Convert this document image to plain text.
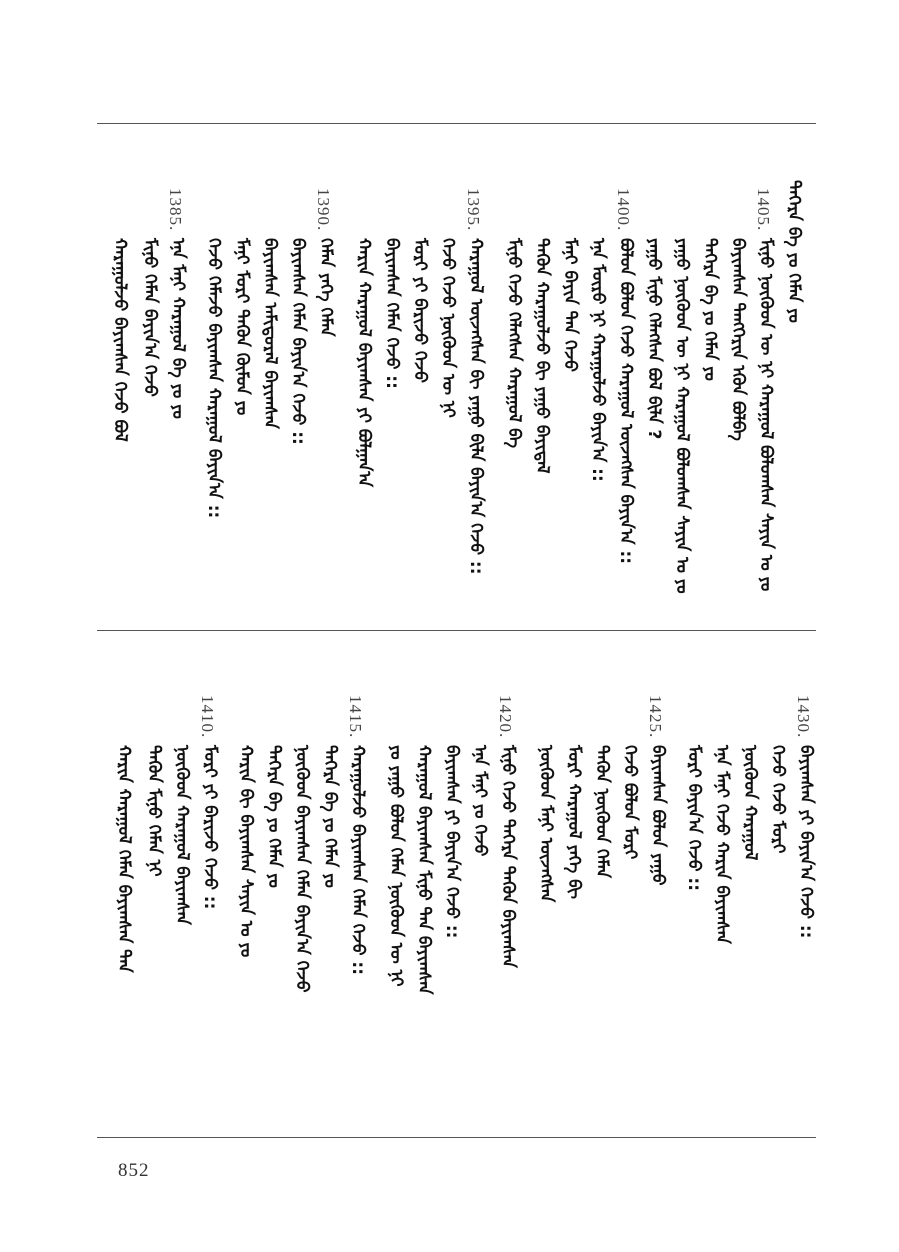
ᠳᠡᠭᠡᠷᠡ ᠪᠡ ᠶᠤ ᠬᠡᠮᠡᠨ ᠶᠤ
1405.
ᠮᠢᠨᠦ ᠨᠦᠭᠦᠳ ᠦ ᠨᠢ ᠬᠠᠷᠠᠭᠤᠯ ᠪᠣᠯᠤᠭᠰᠠᠨ ᠰᠠᠶᠢᠨ ᠤ ᠶᠤ
ᠪᠠᠶᠢᠭᠰᠠᠨ ᠲᠡᠩᠭᠡᠷᠢᠨ ᠡᠭᠦᠨ ᠪᠣᠯᠪᠠ
ᠳᠡᠭᠡᠷᠡ ᠪᠡ ᠶᠤ ᠬᠡᠮᠡᠨ ᠶᠤ
ᠶᠠᠭᠤ ᠨᠦᠭᠦᠳ ᠦ ᠨᠢ ᠬᠠᠷᠠᠭᠤᠯ ᠪᠣᠯᠤᠭᠰᠠᠨ ᠰᠠᠶᠢᠨ ᠤ ᠶᠤ
ᠶᠠᠭᠤ ᠮᠢᠨᠦ ᠬᠡᠯᠡᠭᠰᠡᠨ ᠪᠤᠯ ᠪᠢᠯᠡ ?
1400.
ᠪᠣᠯᠤᠨ ᠪᠣᠯᠤᠨ ᠭᠡᠵᠦ ᠬᠠᠷᠠᠭᠤᠯ ᠦᠵᠡᠭᠰᠡᠨ ᠪᠠᠶᠢᠨ᠎ᠠ ::
ᠡᠨᠡ ᠮᠦᠷᠦ ᠨᠢ ᠬᠠᠷᠠᠭᠤᠯᠵᠤ ᠪᠠᠶᠢᠨ᠎ᠠ ::
ᠮᠠᠨᠢ ᠪᠠᠶᠢᠨ ᠲᠠᠨ ᠭᠡᠵᠦ
ᠲᠡᠭᠦᠨ ᠬᠠᠷᠠᠭᠤᠯᠵᠤ ᠪᠢ ᠶᠠᠭᠤ ᠪᠠᠶᠢᠳᠠᠯ
ᠮᠢᠨᠦ ᠭᠡᠵᠦ ᠬᠡᠯᠡᠭᠰᠡᠨ ᠬᠠᠷᠠᠭᠤᠯ ᠪᠠ
1395.
ᠬᠠᠷᠠᠭᠤᠯ ᠦᠵᠡᠭᠰᠡᠨ ᠪᠢ ᠶᠠᠭᠤ ᠪᠢᠯᠡ ᠪᠠᠶᠢᠨ᠎ᠠ ᠭᠡᠵᠦ ::
ᠭᠡᠵᠦ ᠭᠡᠵᠦ ᠨᠦᠭᠦᠳ ᠦ ᠨᠢ
ᠮᠣᠷᠢ ᠶᠢ ᠪᠠᠷᠢᠵᠤ ᠭᠡᠵᠦ
ᠪᠠᠶᠢᠭᠰᠠᠨ ᠬᠡᠮᠡᠨ ᠭᠡᠵᠦ ::
ᠬᠠᠷᠢᠨ ᠬᠠᠷᠠᠭᠤᠯ ᠪᠠᠶᠢᠭᠰᠠᠨ ᠶᠢ ᠪᠣᠯᠭᠠᠨ᠎ᠠ
1390.
ᠬᠡᠮᠡᠨ ᠶᠡᠭᠡ ᠬᠡᠮᠡᠨ
ᠪᠠᠶᠢᠭᠰᠠᠨ ᠬᠡᠮᠡᠨ ᠪᠠᠶᠢᠨ᠎ᠠ ᠭᠡᠵᠦ ::
ᠪᠠᠶᠢᠭᠰᠠᠨ ᠠᠮᠢᠳᠤᠷᠠᠯ ᠪᠠᠶᠢᠭᠰᠠᠨ
ᠮᠠᠨᠢ ᠮᠣᠷᠢ ᠲᠡᠭᠦᠨ ᠬᠦᠮᠦᠨ ᠶᠤ
ᠭᠡᠵᠦ ᠬᠡᠮᠡᠵᠦ ᠪᠠᠶᠢᠭᠰᠠᠨ ᠬᠠᠷᠠᠭᠤᠯ ᠪᠠᠶᠢᠨ᠎ᠠ ::
1385.
ᠡᠨᠡ ᠮᠠᠨᠢ ᠬᠠᠷᠠᠭᠤᠯ ᠪᠡ ᠶᠤ ᠶᠤ
ᠮᠢᠨᠦ ᠬᠡᠮᠡᠨ ᠪᠠᠶᠢᠨ᠎ᠠ ᠭᠡᠵᠦ
ᠬᠠᠷᠠᠭᠤᠯᠵᠤ ᠪᠠᠶᠢᠭᠰᠠᠨ ᠭᠡᠵᠦ ᠪᠣᠯ
1430.
ᠪᠠᠶᠢᠭᠰᠠᠨ ᠶᠢ ᠪᠠᠶᠢᠨ᠎ᠠ ᠭᠡᠵᠦ ::
ᠭᠡᠵᠦ ᠭᠡᠵᠦ ᠮᠣᠷᠢ
ᠨᠦᠭᠦᠳ ᠬᠠᠷᠠᠭᠤᠯ
ᠡᠨᠡ ᠮᠠᠨᠢ ᠭᠡᠵᠦ ᠬᠠᠷᠢᠨ ᠪᠠᠶᠢᠭᠰᠠᠨ
ᠮᠣᠷᠢ ᠪᠠᠶᠢᠨ᠎ᠠ ᠭᠡᠵᠦ ::
1425.
ᠪᠠᠶᠢᠭᠰᠠᠨ ᠪᠣᠯᠤᠨ ᠶᠠᠭᠤ
ᠭᠡᠵᠦ ᠪᠣᠯᠤᠨ ᠮᠣᠷᠢ
ᠲᠡᠭᠦᠨ ᠨᠦᠭᠦᠳ ᠬᠡᠮᠡᠨ
ᠮᠣᠷᠢ ᠬᠠᠷᠠᠭᠤᠯ ᠶᠡᠭᠡ ᠪᠢ
ᠨᠦᠭᠦᠳ ᠮᠠᠨᠢ ᠦᠵᠡᠭᠰᠡᠨ
1420.
ᠮᠢᠨᠦ ᠭᠡᠵᠦ ᠳᠡᠭᠡᠷᠡ ᠲᠡᠭᠦᠨ ᠪᠠᠶᠢᠭᠰᠠᠨ
ᠡᠨᠡ ᠮᠠᠨᠢ ᠶᠤ ᠭᠡᠵᠦ
ᠪᠠᠶᠢᠭᠰᠠᠨ ᠶᠢ ᠪᠠᠶᠢᠨ᠎ᠠ ᠭᠡᠵᠦ ::
ᠬᠠᠷᠠᠭᠤᠯ ᠪᠠᠶᠢᠭᠰᠠᠨ ᠮᠢᠨᠦ ᠲᠠᠨ ᠪᠠᠶᠢᠭᠰᠠᠨ
ᠶᠤ ᠶᠠᠭᠤ ᠪᠣᠯᠤᠨ ᠬᠡᠮᠡᠨ ᠨᠦᠭᠦᠳ ᠦ ᠨᠢ
1415.
ᠬᠠᠷᠠᠭᠤᠯᠵᠤ ᠪᠠᠶᠢᠭᠰᠠᠨ ᠬᠡᠮᠡᠨ ᠭᠡᠵᠦ ::
ᠳᠡᠭᠡᠷᠡ ᠪᠡ ᠶᠤ ᠬᠡᠮᠡᠨ ᠶᠤ
ᠨᠦᠭᠦᠳ ᠪᠠᠶᠢᠭᠰᠠᠨ ᠬᠡᠮᠡᠨ ᠪᠠᠶᠢᠨ᠎ᠠ ᠭᠡᠵᠦ
ᠳᠡᠭᠡᠷᠡ ᠪᠡ ᠶᠤ ᠬᠡᠮᠡᠨ ᠶᠤ
ᠬᠠᠷᠢᠨ ᠪᠢ ᠪᠠᠶᠢᠭᠰᠠᠨ ᠰᠠᠶᠢᠨ ᠤ ᠶᠤ
1410.
ᠮᠣᠷᠢ ᠶᠢ ᠪᠠᠷᠢᠵᠤ ᠭᠡᠵᠦ ::
ᠨᠦᠭᠦᠳ ᠬᠠᠷᠠᠭᠤᠯ ᠪᠠᠶᠢᠭᠰᠠᠨ
ᠲᠡᠭᠦᠨ ᠮᠢᠨᠦ ᠬᠡᠮᠡᠨ ᠨᠢ
ᠬᠠᠷᠢᠨ ᠬᠠᠷᠠᠭᠤᠯ ᠬᠡᠮᠡᠨ ᠪᠠᠶᠢᠭᠰᠠᠨ ᠲᠠᠨ
852
